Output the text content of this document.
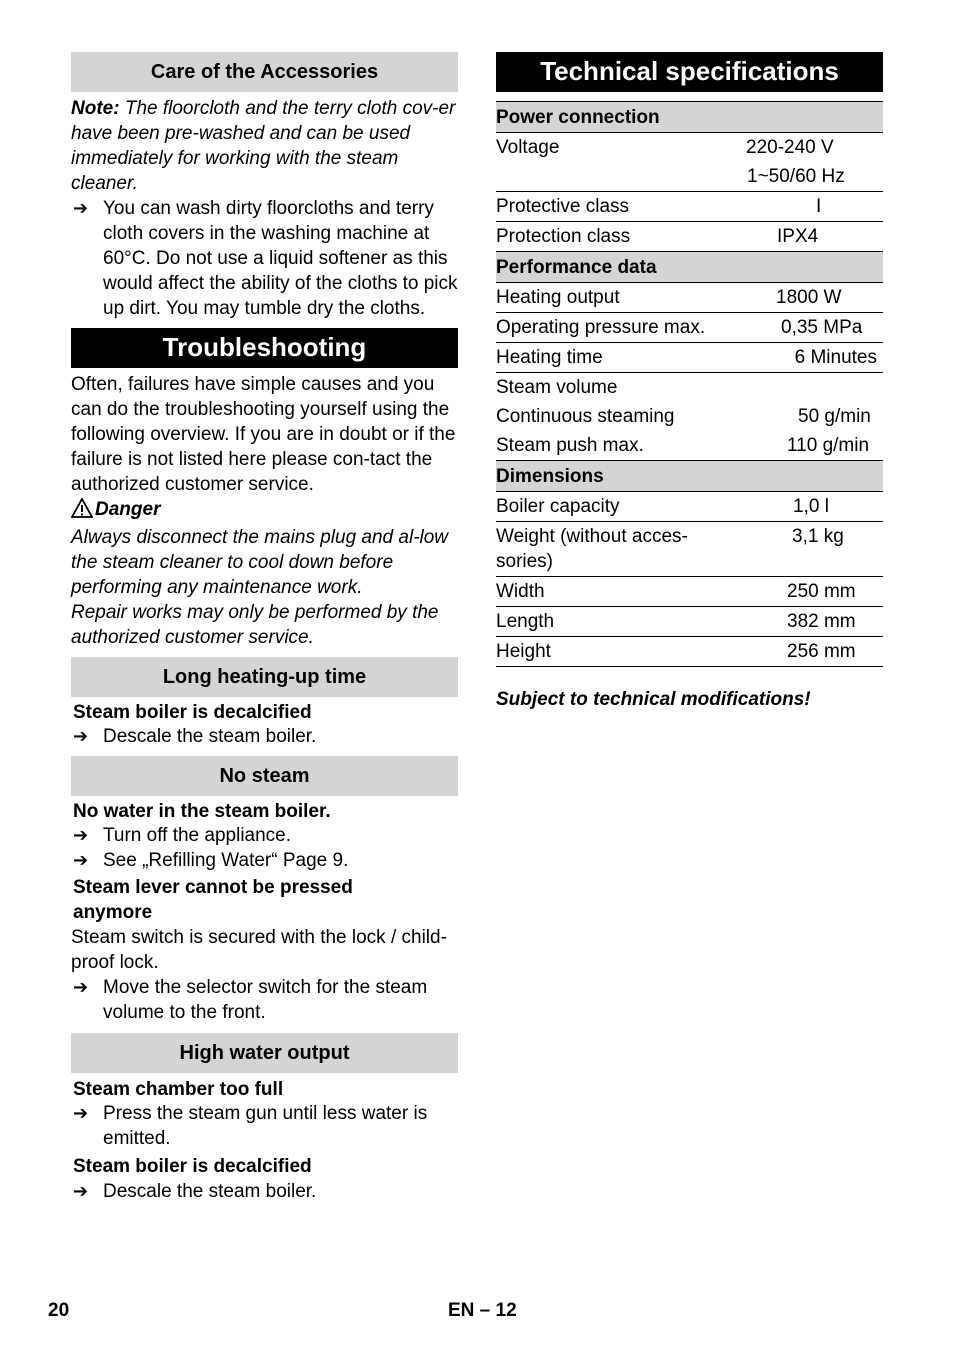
Care of the Accessories

Note: The floorcloth and the terry cloth cov-er have been pre-washed and can be used immediately for working with the steam cleaner.

➔ You can wash dirty floorcloths and terry cloth covers in the washing machine at 60°C. Do not use a liquid softener as this would affect the ability of the cloths to pick up dirt. You may tumble dry the cloths.
Troubleshooting

Often, failures have simple causes and you can do the troubleshooting yourself using the following overview. If you are in doubt or if the failure is not listed here please con-tact the authorized customer service.

Danger

Always disconnect the mains plug and al-low the steam cleaner to cool down before performing any maintenance work.

Repair works may only be performed by the authorized customer service.

Long heating-up time

Steam boiler is decalcified

➔ Descale the steam boiler.
No steam

No water in the steam boiler.

➔ Turn off the appliance.
➔ See „Refilling Water“ Page 9.

Steam lever cannot be pressed anymore

Steam switch is secured with the lock / child-proof lock.

➔ Move the selector switch for the steam volume to the front.
High water output

Steam chamber too full

➔ Press the steam gun until less water is emitted.

Steam boiler is decalcified

➔ Descale the steam boiler.
Technical specifications
Power connection	
Voltage	220-240 V
	1~50/60 Hz
Protective class	I
Protection class	IPX4
Performance data	
Heating output	1800 W
Operating pressure max.	0,35 MPa
Heating time	6 Minutes
Steam volume	
Continuous steaming	50 g/min
Steam push max.	110 g/min
Dimensions	
Boiler capacity	1,0 l
Weight (without acces-sories)	3,1 kg
Width	250 mm
Length	382 mm
Height	256 mm

Subject to technical modifications!

20	EN – 12
